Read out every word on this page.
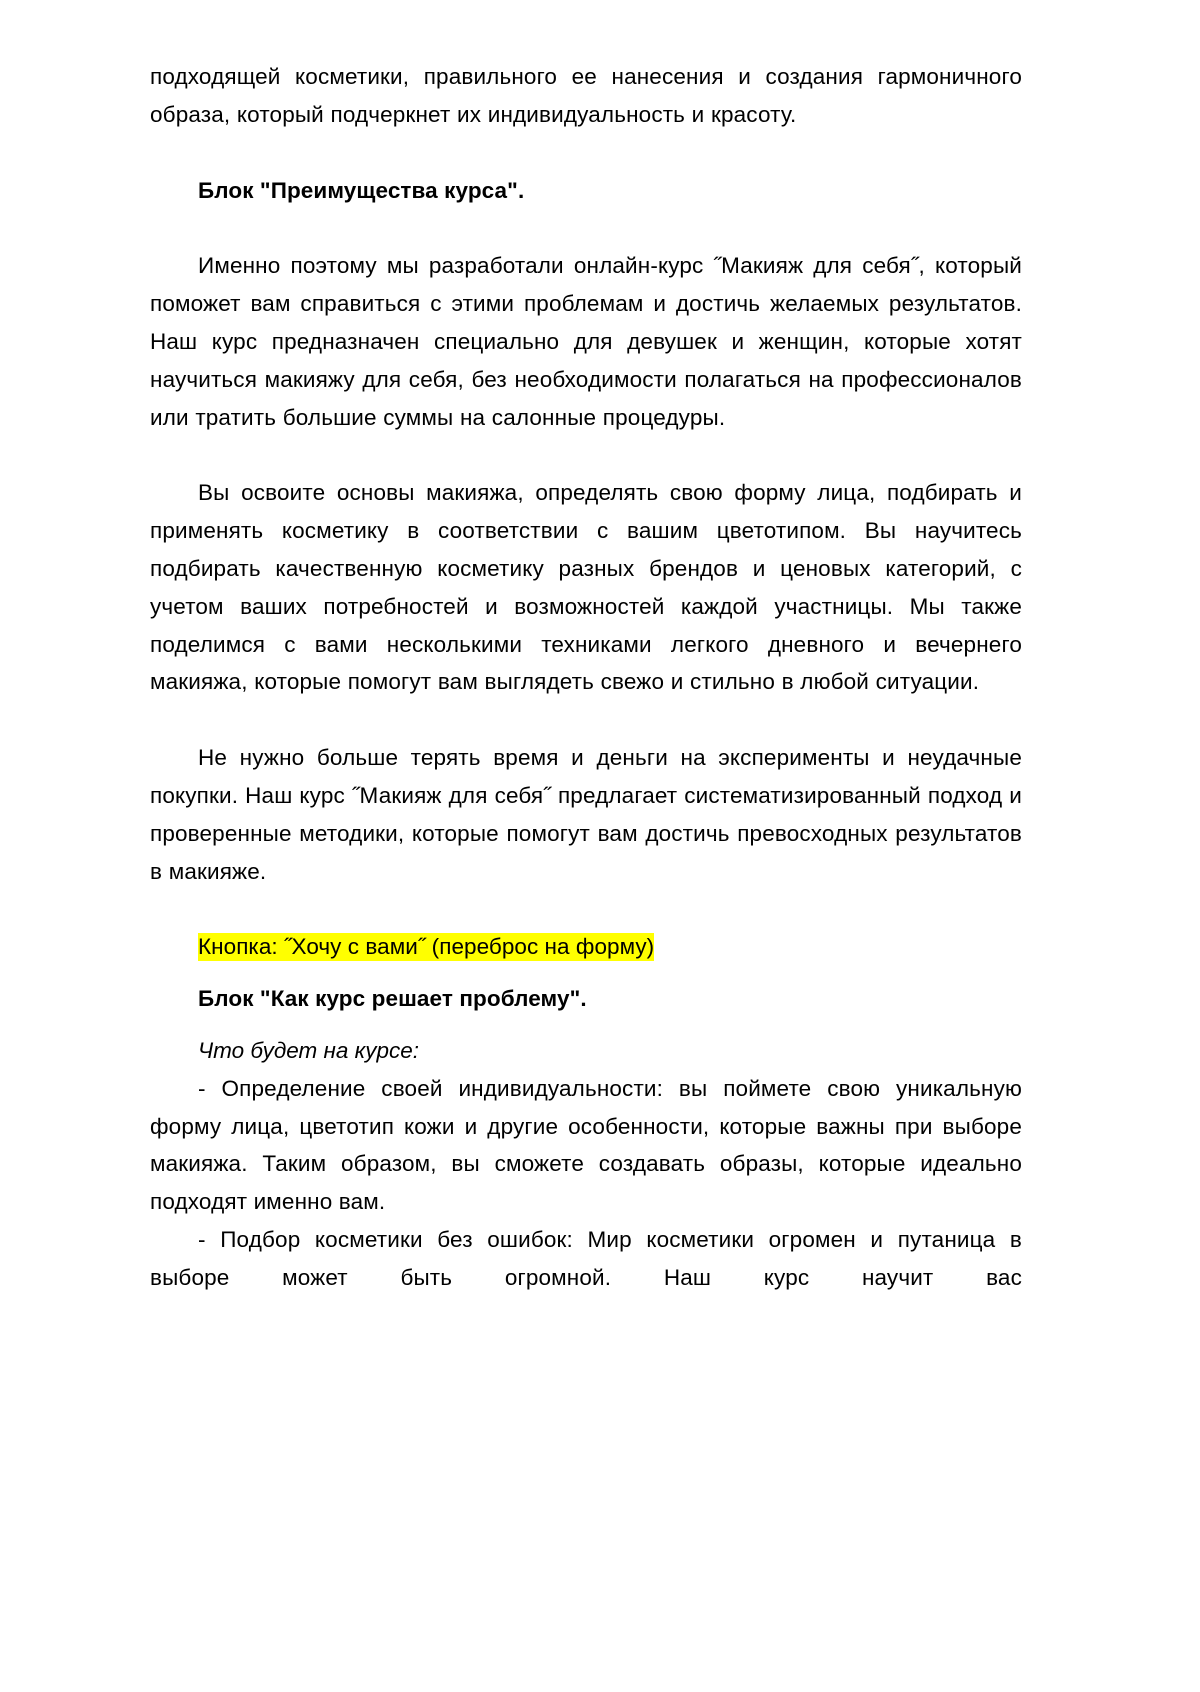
подходящей косметики, правильного ее нанесения и создания гармоничного образа, который подчеркнет их индивидуальность и красоту.

Блок "Преимущества курса".

Именно поэтому мы разработали онлайн-курс ˝Макияж для себя˝, который поможет вам справиться с этими проблемам и достичь желаемых результатов. Наш курс предназначен специально для девушек и женщин, которые хотят научиться макияжу для себя, без необходимости полагаться на профессионалов или тратить большие суммы на салонные процедуры.

Вы освоите основы макияжа, определять свою форму лица, подбирать и применять косметику в соответствии с вашим цветотипом. Вы научитесь подбирать качественную косметику разных брендов и ценовых категорий, с учетом ваших потребностей и возможностей каждой участницы. Мы также поделимся с вами несколькими техниками легкого дневного и вечернего макияжа, которые помогут вам выглядеть свежо и стильно в любой ситуации.

Не нужно больше терять время и деньги на эксперименты и неудачные покупки. Наш курс ˝Макияж для себя˝ предлагает систематизированный подход и проверенные методики, которые помогут вам достичь превосходных результатов в макияже.

Кнопка: ˝Хочу с вами˝ (переброс на форму)

Блок "Как курс решает проблему".

Что будет на курсе:

- Определение своей индивидуальности: вы поймете свою уникальную форму лица, цветотип кожи и другие особенности, которые важны при выборе макияжа. Таким образом, вы сможете создавать образы, которые идеально подходят именно вам.

- Подбор косметики без ошибок: Мир косметики огромен и путаница в выборе может быть огромной. Наш курс научит вас
